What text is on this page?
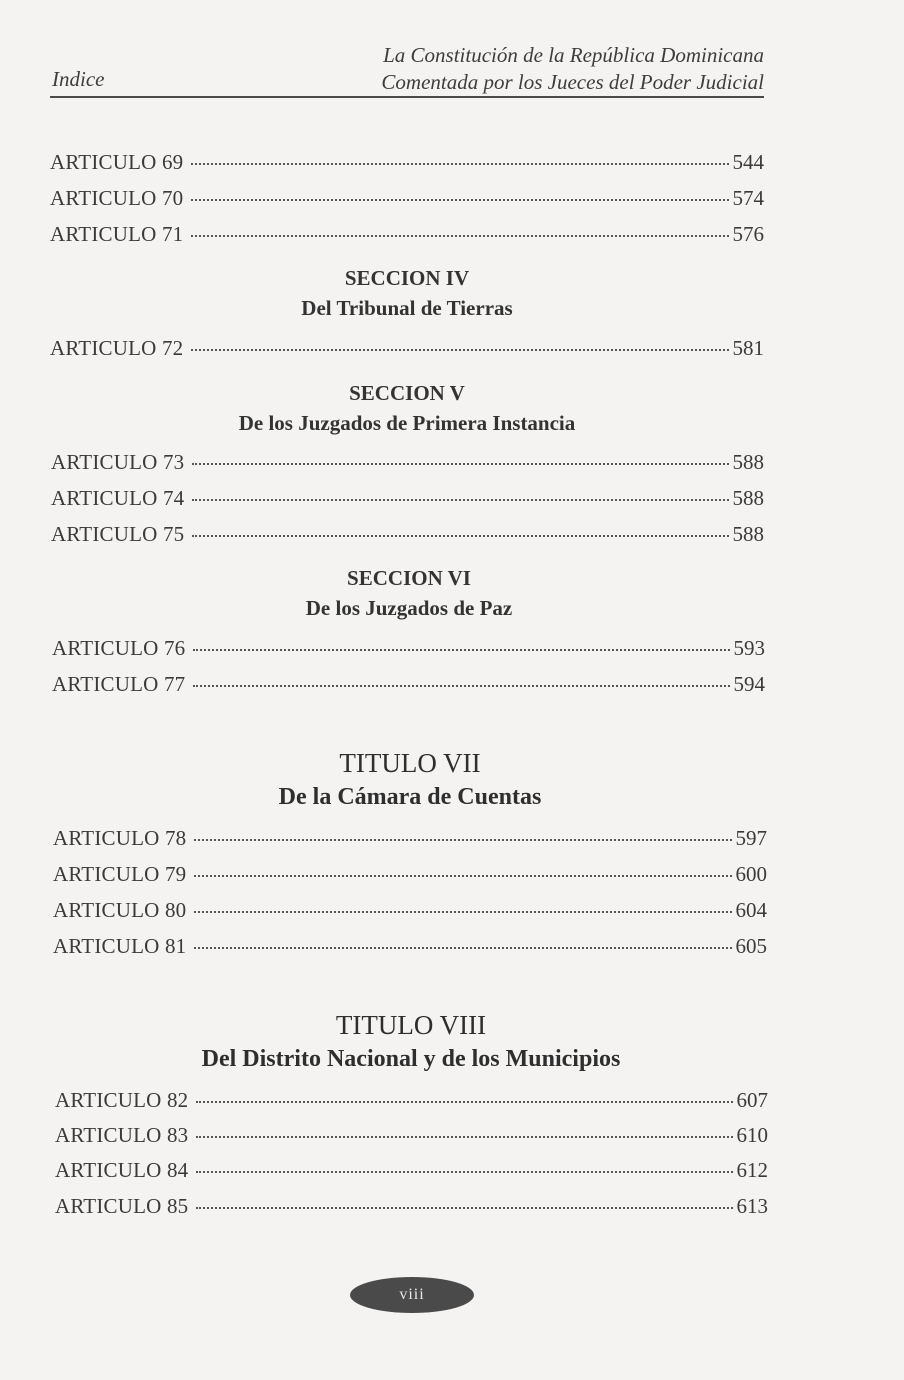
Indice
La Constitución de la República Dominicana
Comentada por los Jueces del Poder Judicial
ARTICULO 69	544
ARTICULO 70	574
ARTICULO 71	576
SECCION IV
Del Tribunal de Tierras
ARTICULO 72	581
SECCION V
De los Juzgados de Primera Instancia
ARTICULO 73	588
ARTICULO 74	588
ARTICULO 75	588
SECCION VI
De los Juzgados de Paz
ARTICULO 76	593
ARTICULO 77	594
TITULO VII
De la Cámara de Cuentas
ARTICULO 78	597
ARTICULO 79	600
ARTICULO 80	604
ARTICULO 81	605
TITULO VIII
Del Distrito Nacional y de los Municipios
ARTICULO 82	607
ARTICULO 83	610
ARTICULO 84	612
ARTICULO 85	613
viii
